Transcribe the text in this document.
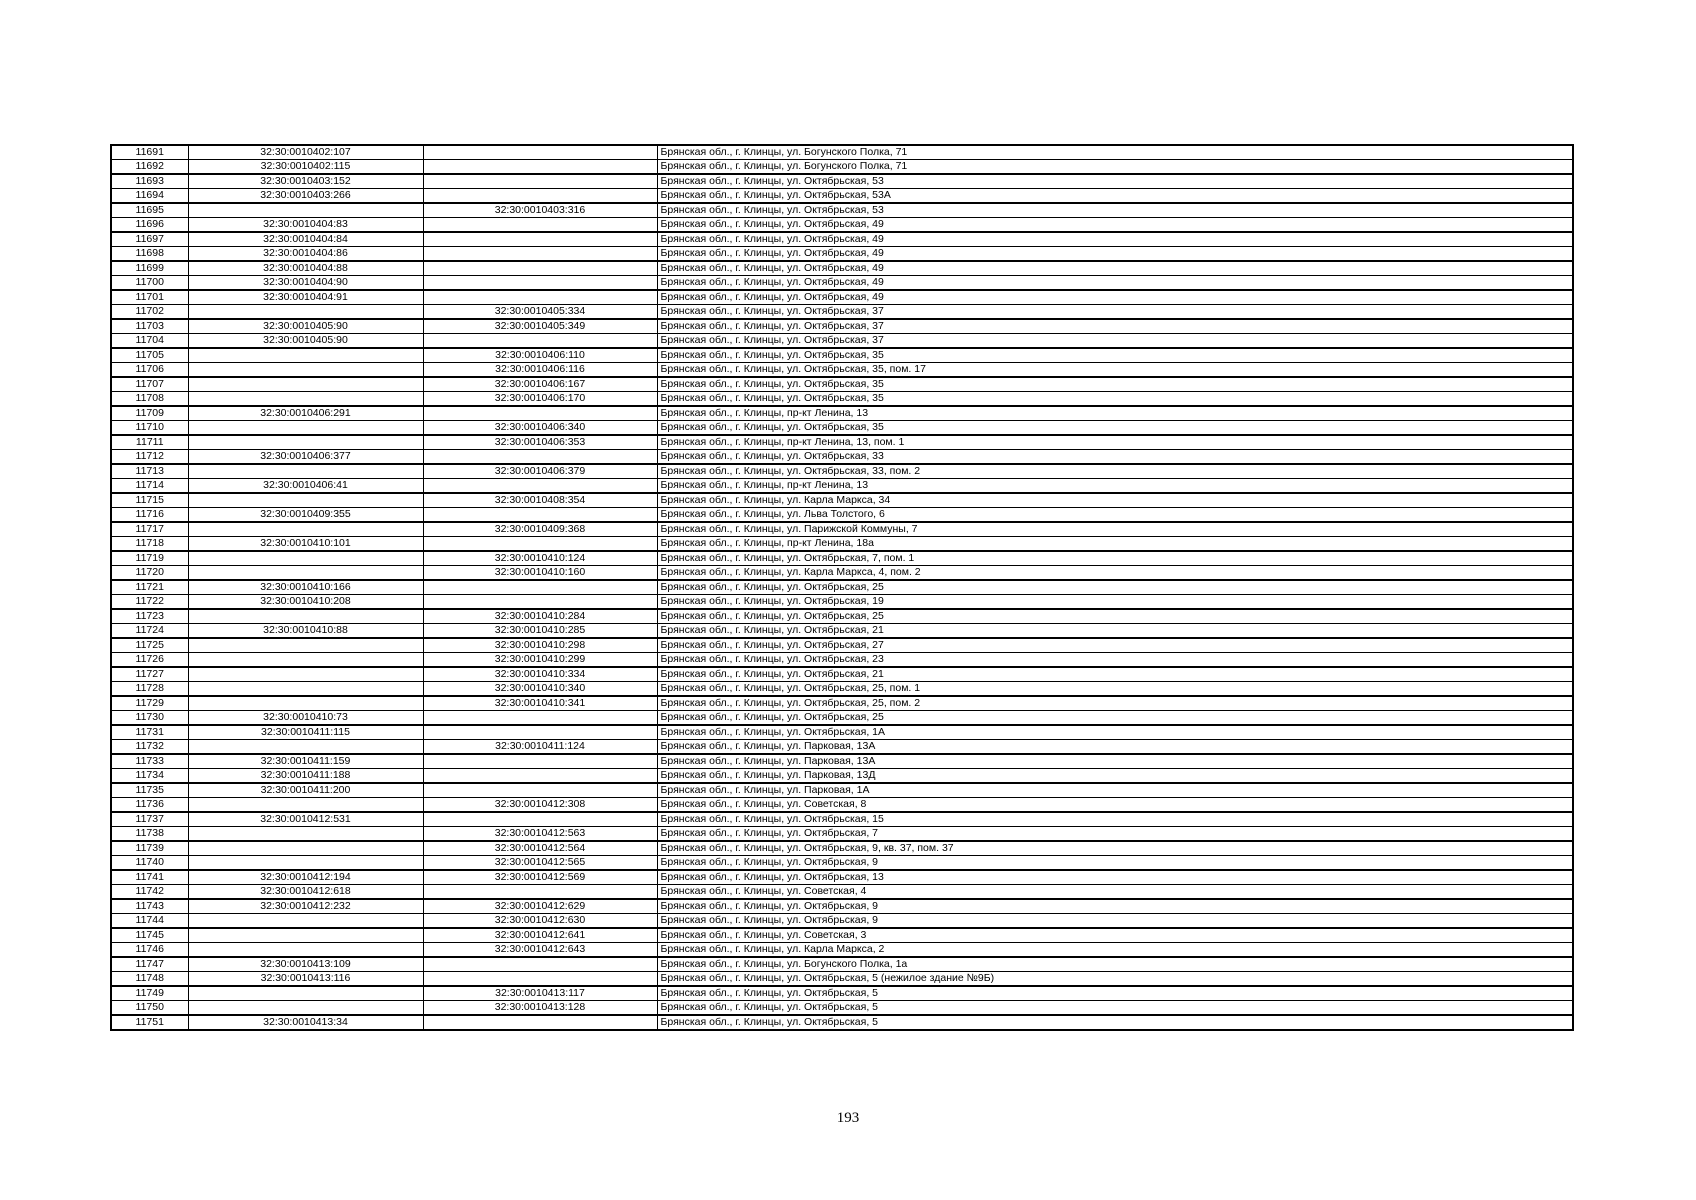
11691	32:30:0010402:107		Брянская обл., г. Клинцы, ул. Богунского Полка, 71
11692	32:30:0010402:115		Брянская обл., г. Клинцы, ул. Богунского Полка, 71
11693	32:30:0010403:152		Брянская обл., г. Клинцы, ул. Октябрьская, 53
11694	32:30:0010403:266		Брянская обл., г. Клинцы, ул. Октябрьская, 53А
11695		32:30:0010403:316	Брянская обл., г. Клинцы, ул. Октябрьская, 53
11696	32:30:0010404:83		Брянская обл., г. Клинцы, ул. Октябрьская, 49
11697	32:30:0010404:84		Брянская обл., г. Клинцы, ул. Октябрьская, 49
11698	32:30:0010404:86		Брянская обл., г. Клинцы, ул. Октябрьская, 49
11699	32:30:0010404:88		Брянская обл., г. Клинцы, ул. Октябрьская, 49
11700	32:30:0010404:90		Брянская обл., г. Клинцы, ул. Октябрьская, 49
11701	32:30:0010404:91		Брянская обл., г. Клинцы, ул. Октябрьская, 49
11702		32:30:0010405:334	Брянская обл., г. Клинцы, ул. Октябрьская, 37
11703	32:30:0010405:90	32:30:0010405:349	Брянская обл., г. Клинцы, ул. Октябрьская, 37
11704	32:30:0010405:90		Брянская обл., г. Клинцы, ул. Октябрьская, 37
11705		32:30:0010406:110	Брянская обл., г. Клинцы, ул. Октябрьская, 35
11706		32:30:0010406:116	Брянская обл., г. Клинцы, ул. Октябрьская, 35, пом. 17
11707		32:30:0010406:167	Брянская обл., г. Клинцы, ул. Октябрьская, 35
11708		32:30:0010406:170	Брянская обл., г. Клинцы, ул. Октябрьская, 35
11709	32:30:0010406:291		Брянская обл., г. Клинцы, пр-кт Ленина, 13
11710		32:30:0010406:340	Брянская обл., г. Клинцы, ул. Октябрьская, 35
11711		32:30:0010406:353	Брянская обл., г. Клинцы, пр-кт Ленина, 13, пом. 1
11712	32:30:0010406:377		Брянская обл., г. Клинцы, ул. Октябрьская, 33
11713		32:30:0010406:379	Брянская обл., г. Клинцы, ул. Октябрьская, 33, пом. 2
11714	32:30:0010406:41		Брянская обл., г. Клинцы, пр-кт Ленина, 13
11715		32:30:0010408:354	Брянская обл., г. Клинцы, ул. Карла Маркса, 34
11716	32:30:0010409:355		Брянская обл., г. Клинцы, ул. Льва Толстого, 6
11717		32:30:0010409:368	Брянская обл., г. Клинцы, ул. Парижской Коммуны, 7
11718	32:30:0010410:101		Брянская обл., г. Клинцы, пр-кт Ленина, 18а
11719		32:30:0010410:124	Брянская обл., г. Клинцы, ул. Октябрьская, 7, пом. 1
11720		32:30:0010410:160	Брянская обл., г. Клинцы, ул. Карла Маркса, 4, пом. 2
11721	32:30:0010410:166		Брянская обл., г. Клинцы, ул. Октябрьская, 25
11722	32:30:0010410:208		Брянская обл., г. Клинцы, ул. Октябрьская, 19
11723		32:30:0010410:284	Брянская обл., г. Клинцы, ул. Октябрьская, 25
11724	32:30:0010410:88	32:30:0010410:285	Брянская обл., г. Клинцы, ул. Октябрьская, 21
11725		32:30:0010410:298	Брянская обл., г. Клинцы, ул. Октябрьская, 27
11726		32:30:0010410:299	Брянская обл., г. Клинцы, ул. Октябрьская, 23
11727		32:30:0010410:334	Брянская обл., г. Клинцы, ул. Октябрьская, 21
11728		32:30:0010410:340	Брянская обл., г. Клинцы, ул. Октябрьская, 25, пом. 1
11729		32:30:0010410:341	Брянская обл., г. Клинцы, ул. Октябрьская, 25, пом. 2
11730	32:30:0010410:73		Брянская обл., г. Клинцы, ул. Октябрьская, 25
11731	32:30:0010411:115		Брянская обл., г. Клинцы, ул. Октябрьская, 1А
11732		32:30:0010411:124	Брянская обл., г. Клинцы, ул. Парковая, 13А
11733	32:30:0010411:159		Брянская обл., г. Клинцы, ул. Парковая, 13А
11734	32:30:0010411:188		Брянская обл., г. Клинцы, ул. Парковая, 13Д
11735	32:30:0010411:200		Брянская обл., г. Клинцы, ул. Парковая, 1А
11736		32:30:0010412:308	Брянская обл., г. Клинцы, ул. Советская, 8
11737	32:30:0010412:531		Брянская обл., г. Клинцы, ул. Октябрьская, 15
11738		32:30:0010412:563	Брянская обл., г. Клинцы, ул. Октябрьская, 7
11739		32:30:0010412:564	Брянская обл., г. Клинцы, ул. Октябрьская, 9, кв. 37, пом. 37
11740		32:30:0010412:565	Брянская обл., г. Клинцы, ул. Октябрьская, 9
11741	32:30:0010412:194	32:30:0010412:569	Брянская обл., г. Клинцы, ул. Октябрьская, 13
11742	32:30:0010412:618		Брянская обл., г. Клинцы, ул. Советская, 4
11743	32:30:0010412:232	32:30:0010412:629	Брянская обл., г. Клинцы, ул. Октябрьская, 9
11744		32:30:0010412:630	Брянская обл., г. Клинцы, ул. Октябрьская, 9
11745		32:30:0010412:641	Брянская обл., г. Клинцы, ул. Советская, 3
11746		32:30:0010412:643	Брянская обл., г. Клинцы, ул. Карла Маркса, 2
11747	32:30:0010413:109		Брянская обл., г. Клинцы, ул. Богунского Полка, 1а
11748	32:30:0010413:116		Брянская обл., г. Клинцы, ул. Октябрьская, 5 (нежилое здание №9Б)
11749		32:30:0010413:117	Брянская обл., г. Клинцы, ул. Октябрьская, 5
11750		32:30:0010413:128	Брянская обл., г. Клинцы, ул. Октябрьская, 5
11751	32:30:0010413:34		Брянская обл., г. Клинцы, ул. Октябрьская, 5
193
